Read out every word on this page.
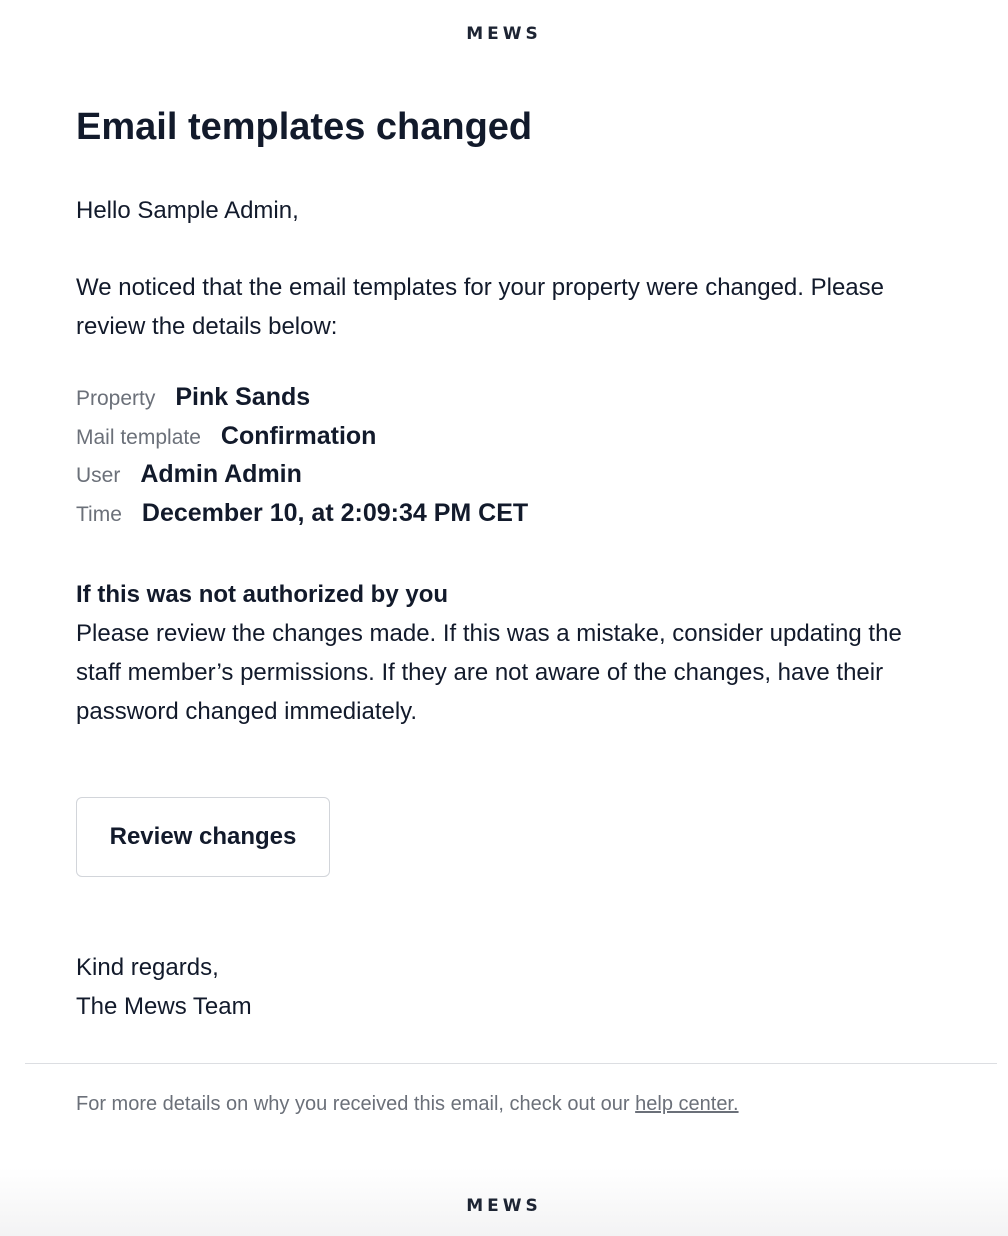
MEWS
Email templates changed

Hello Sample Admin,

We noticed that the email templates for your property were changed. Please review the details below:

Property Pink Sands
Mail template Confirmation
User Admin Admin
Time December 10, at 2:09:34 PM CET

If this was not authorized by you

Please review the changes made. If this was a mistake, consider updating the staff member’s permissions. If they are not aware of the changes, have their password changed immediately.

Review changes
Kind regards,
The Mews Team
For more details on why you received this email, check out our help center.
MEWS
